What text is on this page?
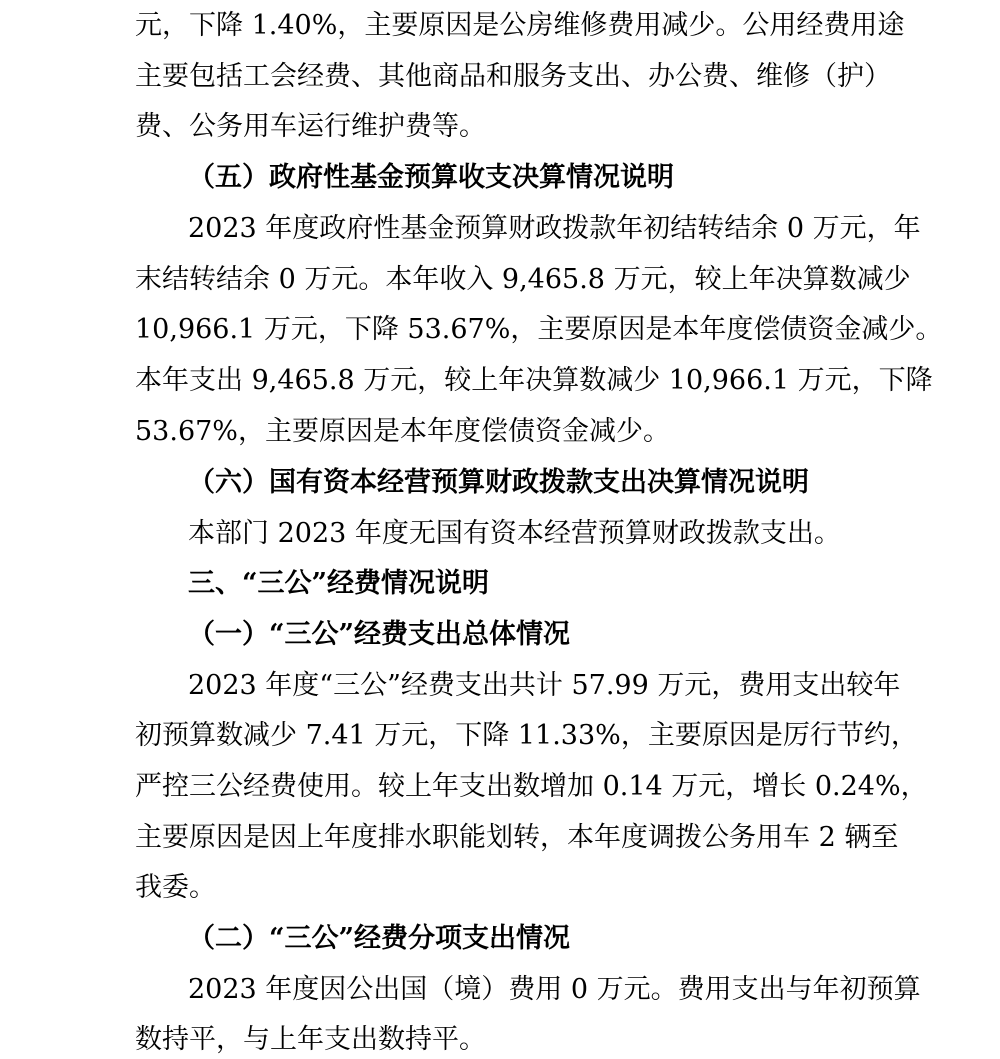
元，下降 1.40%，主要原因是公房维修费用减少。公用经费用途
主要包括工会经费、其他商品和服务支出、办公费、维修（护）
费、公务用车运行维护费等。
（五）政府性基金预算收支决算情况说明
2023 年度政府性基金预算财政拨款年初结转结余 0 万元，年
末结转结余 0 万元。本年收入 9,465.8 万元，较上年决算数减少
10,966.1 万元，下降 53.67%，主要原因是本年度偿债资金减少。
本年支出 9,465.8 万元，较上年决算数减少 10,966.1 万元，下降
53.67%，主要原因是本年度偿债资金减少。
（六）国有资本经营预算财政拨款支出决算情况说明
本部门 2023 年度无国有资本经营预算财政拨款支出。
三、“三公”经费情况说明
（一）“三公”经费支出总体情况
2023 年度“三公”经费支出共计 57.99 万元，费用支出较年
初预算数减少 7.41 万元，下降 11.33%，主要原因是厉行节约，
严控三公经费使用。较上年支出数增加 0.14 万元，增长 0.24%，
主要原因是因上年度排水职能划转，本年度调拨公务用车 2 辆至
我委。
（二）“三公”经费分项支出情况
2023 年度因公出国（境）费用 0 万元。费用支出与年初预算
数持平，与上年支出数持平。
